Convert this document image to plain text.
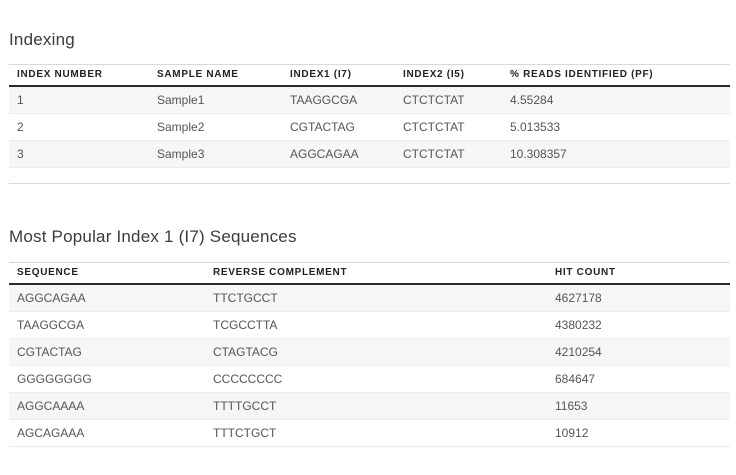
Indexing
INDEX NUMBER	SAMPLE NAME	INDEX1 (I7)	INDEX2 (I5)	% READS IDENTIFIED (PF)
1	Sample1	TAAGGCGA	CTCTCTAT	4.55284
2	Sample2	CGTACTAG	CTCTCTAT	5.013533
3	Sample3	AGGCAGAA	CTCTCTAT	10.308357

Most Popular Index 1 (I7) Sequences
SEQUENCE	REVERSE COMPLEMENT	HIT COUNT
AGGCAGAA	TTCTGCCT	4627178
TAAGGCGA	TCGCCTTA	4380232
CGTACTAG	CTAGTACG	4210254
GGGGGGGG	CCCCCCCC	684647
AGGCAAAA	TTTTGCCT	11653
AGCAGAAA	TTTCTGCT	10912
